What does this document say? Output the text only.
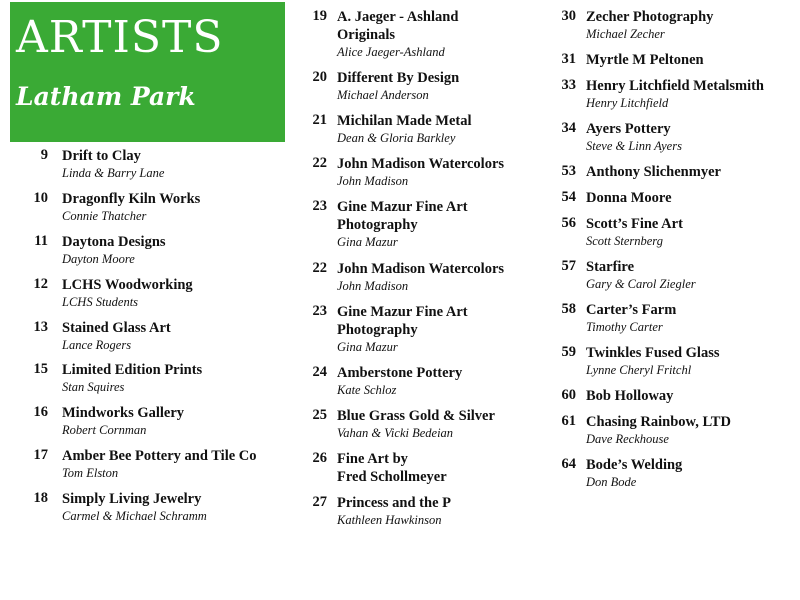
ARTISTS
Latham Park
9 Drift to Clay
Linda & Barry Lane
10 Dragonfly Kiln Works
Connie Thatcher
11 Daytona Designs
Dayton Moore
12 LCHS Woodworking
LCHS Students
13 Stained Glass Art
Lance Rogers
15 Limited Edition Prints
Stan Squires
16 Mindworks Gallery
Robert Cornman
17 Amber Bee Pottery and Tile Co
Tom Elston
18 Simply Living Jewelry
Carmel & Michael Schramm
19 A. Jaeger - Ashland
Originals
Alice Jaeger-Ashland
20 Different By Design
Michael Anderson
21 Michilan Made Metal
Dean & Gloria Barkley
22 John Madison Watercolors
John Madison
23 Gine Mazur Fine Art
Photography
Gina Mazur
22 John Madison Watercolors
John Madison
23 Gine Mazur Fine Art
Photography
Gina Mazur
24 Amberstone Pottery
Kate Schloz
25 Blue Grass Gold & Silver
Vahan & Vicki Bedeian
26 Fine Art by
Fred Schollmeyer
27 Princess and the P
Kathleen Hawkinson
30 Zecher Photography
Michael Zecher
31 Myrtle M Peltonen
33 Henry Litchfield Metalsmith
Henry Litchfield
34 Ayers Pottery
Steve & Linn Ayers
53 Anthony Slichenmyer
54 Donna Moore
56 Scott’s Fine Art
Scott Sternberg
57 Starfire
Gary & Carol Ziegler
58 Carter’s Farm
Timothy Carter
59 Twinkles Fused Glass
Lynne Cheryl Fritchl
60 Bob Holloway
61 Chasing Rainbow, LTD
Dave Reckhouse
64 Bode’s Welding
Don Bode
